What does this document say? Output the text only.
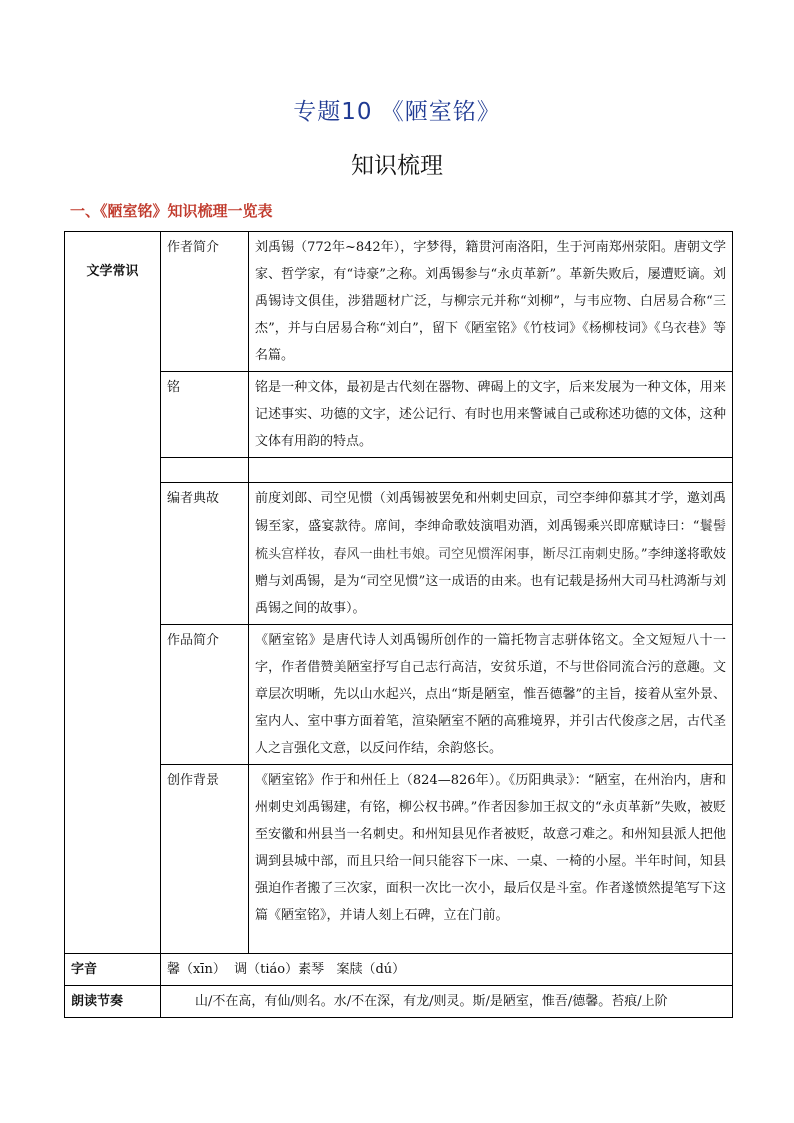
专题10 《陋室铭》
知识梳理
一、《陋室铭》知识梳理一览表
文学常识	作者简介	刘禹锡（772年~842年），字梦得，籍贯河南洛阳，生于河南郑州荥阳。唐朝文学家、哲学家，有“诗豪”之称。刘禹锡参与“永贞革新”。革新失败后，屡遭贬谪。刘禹锡诗文俱佳，涉猎题材广泛，与柳宗元并称“刘柳”，与韦应物、白居易合称“三杰”，并与白居易合称“刘白”，留下《陋室铭》《竹枝词》《杨柳枝词》《乌衣巷》等名篇。
	铭	铭是一种文体，最初是古代刻在器物、碑碣上的文字，后来发展为一种文体，用来记述事实、功德的文字，述公记行、有时也用来警诫自己或称述功德的文体，这种文体有用韵的特点。

	编者典故	前度刘郎、司空见惯（刘禹锡被罢免和州刺史回京，司空李绅仰慕其才学，邀刘禹锡至家，盛宴款待。席间，李绅命歌妓演唱劝酒，刘禹锡乘兴即席赋诗曰：“鬟髻梳头宫样妆，春风一曲杜韦娘。司空见惯浑闲事，断尽江南刺史肠。”李绅遂将歌妓赠与刘禹锡，是为“司空见惯”这一成语的由来。也有记载是扬州大司马杜鸿渐与刘禹锡之间的故事）。
	作品简介	《陋室铭》是唐代诗人刘禹锡所创作的一篇托物言志骈体铭文。全文短短八十一字，作者借赞美陋室抒写自己志行高洁，安贫乐道，不与世俗同流合污的意趣。文章层次明晰，先以山水起兴，点出“斯是陋室，惟吾德馨”的主旨，接着从室外景、室内人、室中事方面着笔，渲染陋室不陋的高雅境界，并引古代俊彦之居，古代圣人之言强化文意，以反问作结，余韵悠长。
	创作背景	《陋室铭》作于和州任上（824—826年）。《历阳典录》：“陋室，在州治内，唐和州刺史刘禹锡建，有铭，柳公权书碑。”作者因参加王叔文的“永贞革新”失败，被贬至安徽和州县当一名刺史。和州知县见作者被贬，故意刁难之。和州知县派人把他调到县城中部，而且只给一间只能容下一床、一桌、一椅的小屋。半年时间，知县强迫作者搬了三次家，面积一次比一次小，最后仅是斗室。作者遂愤然提笔写下这篇《陋室铭》，并请人刻上石碑，立在门前。
字音	馨（xīn）  调（tiáo）素琴   案牍（dú）	
朗读节奏	山/不在高，有仙/则名。水/不在深，有龙/则灵。斯/是陋室，惟吾/德馨。苔痕/上阶	
